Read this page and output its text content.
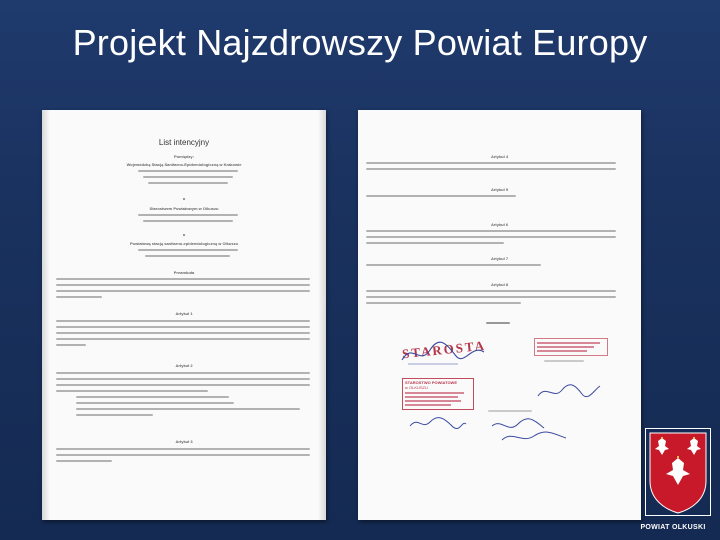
Projekt Najzdrowszy Powiat Europy
List intencyjny
Pomiędzy:
Wojewódzką Stacją Sanitarno-Epidemiologiczną w Krakowie
a
Starostwem Powiatowym w Olkuszu
a
Powiatową stacją sanitarno-epidemiologiczną w Olkuszu
Preambuła
Artykuł 1
Artykuł 2
Artykuł 3
Artykuł 4
Artykuł 5
Artykuł 6
Artykuł 7
Artykuł 8
STAROSTA
STAROSTWO POWIATOWE
w OLKUSZU
POWIAT OLKUSKI
